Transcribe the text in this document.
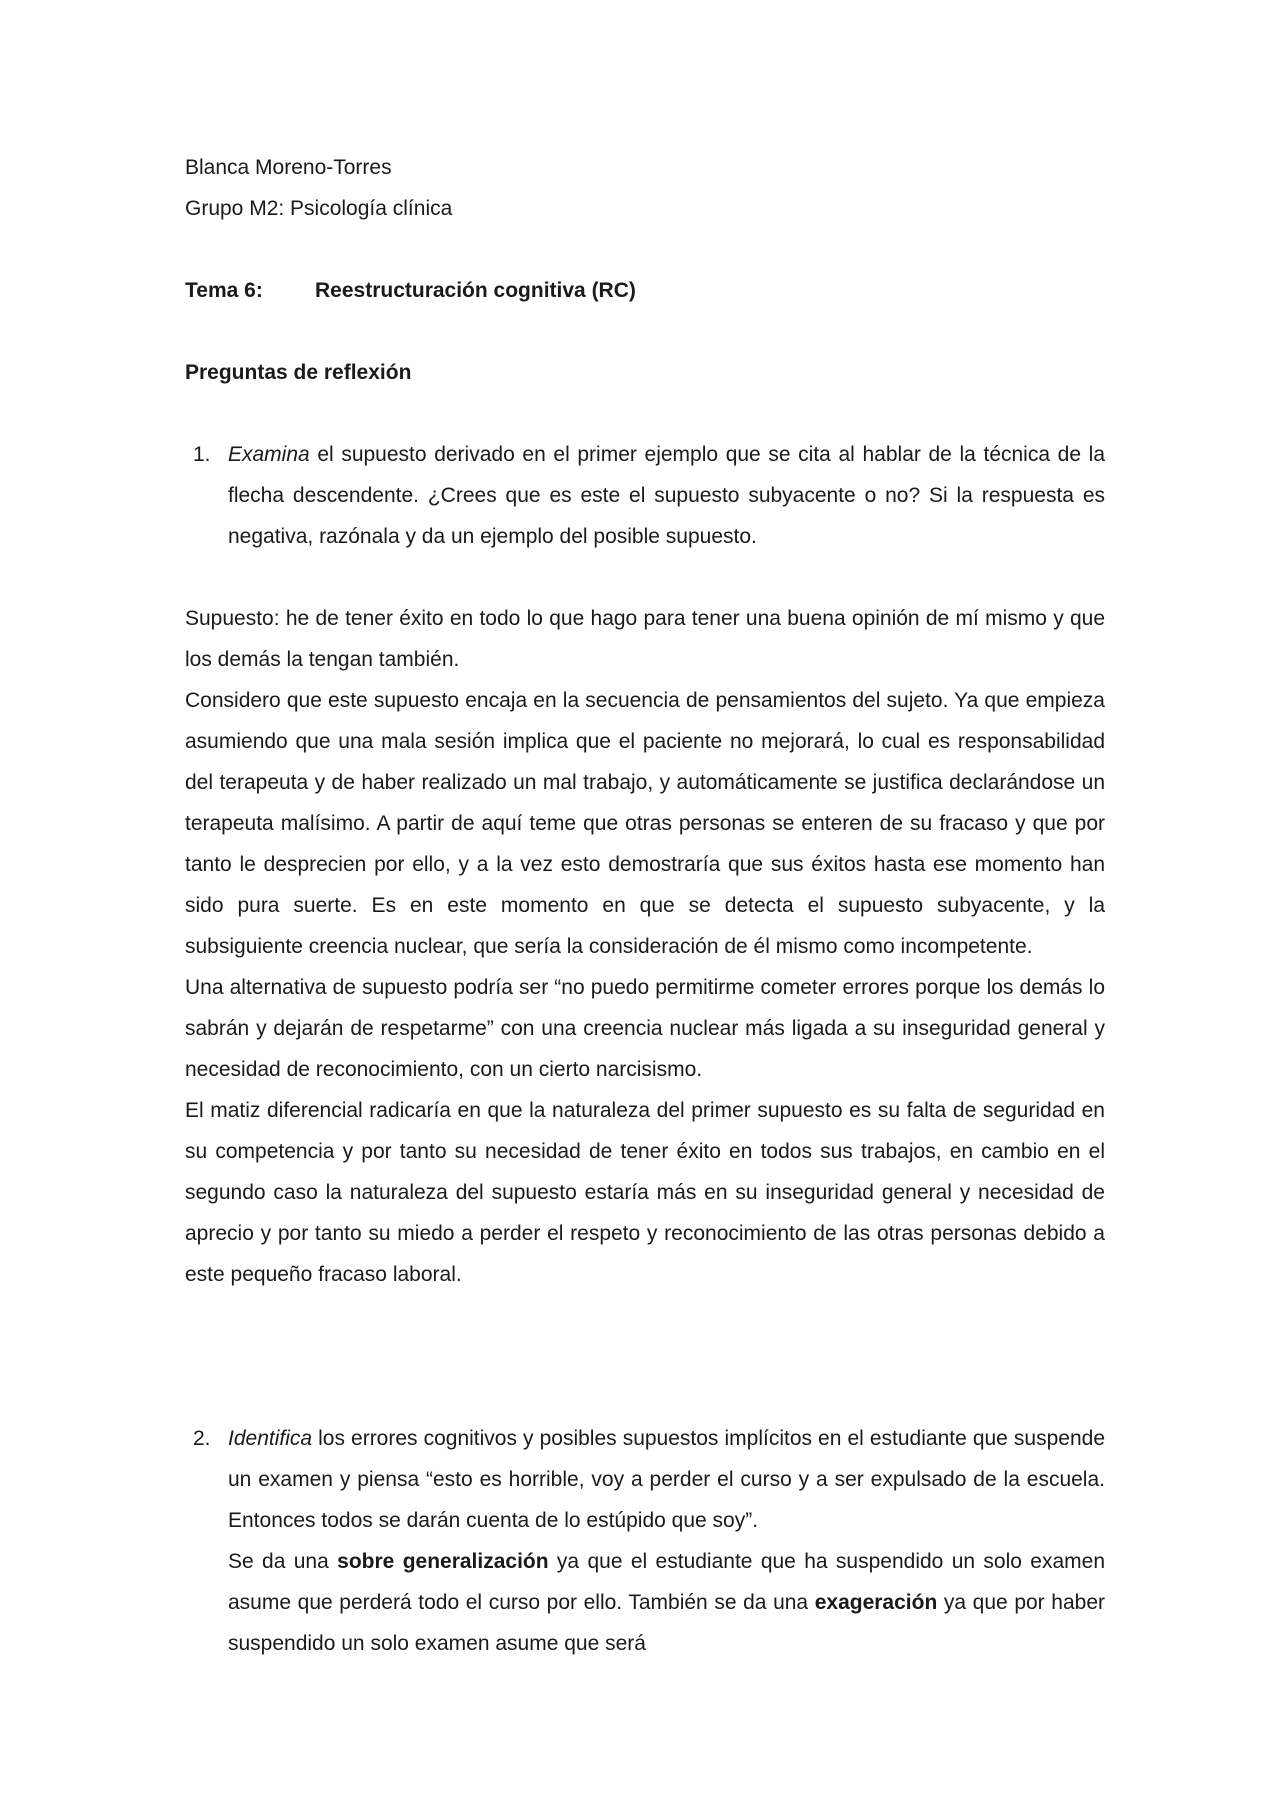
Blanca Moreno-Torres
Grupo M2: Psicología clínica
Tema 6:	Reestructuración cognitiva (RC)
Preguntas de reflexión
1. Examina el supuesto derivado en el primer ejemplo que se cita al hablar de la técnica de la flecha descendente. ¿Crees que es este el supuesto subyacente o no? Si la respuesta es negativa, razónala y da un ejemplo del posible supuesto.

Supuesto: he de tener éxito en todo lo que hago para tener una buena opinión de mí mismo y que los demás la tengan también.

Considero que este supuesto encaja en la secuencia de pensamientos del sujeto. Ya que empieza asumiendo que una mala sesión implica que el paciente no mejorará, lo cual es responsabilidad del terapeuta y de haber realizado un mal trabajo, y automáticamente se justifica declarándose un terapeuta malísimo. A partir de aquí teme que otras personas se enteren de su fracaso y que por tanto le desprecien por ello, y a la vez esto demostraría que sus éxitos hasta ese momento han sido pura suerte. Es en este momento en que se detecta el supuesto subyacente, y la subsiguiente creencia nuclear, que sería la consideración de él mismo como incompetente.

Una alternativa de supuesto podría ser “no puedo permitirme cometer errores porque los demás lo sabrán y dejarán de respetarme” con una creencia nuclear más ligada a su inseguridad general y necesidad de reconocimiento, con un cierto narcisismo.

El matiz diferencial radicaría en que la naturaleza del primer supuesto es su falta de seguridad en su competencia y por tanto su necesidad de tener éxito en todos sus trabajos, en cambio en el segundo caso la naturaleza del supuesto estaría más en su inseguridad general y necesidad de aprecio y por tanto su miedo a perder el respeto y reconocimiento de las otras personas debido a este pequeño fracaso laboral.

2. Identifica los errores cognitivos y posibles supuestos implícitos en el estudiante que suspende un examen y piensa “esto es horrible, voy a perder el curso y a ser expulsado de la escuela. Entonces todos se darán cuenta de lo estúpido que soy”.
Se da una sobre generalización ya que el estudiante que ha suspendido un solo examen asume que perderá todo el curso por ello. También se da una exageración ya que por haber suspendido un solo examen asume que será
